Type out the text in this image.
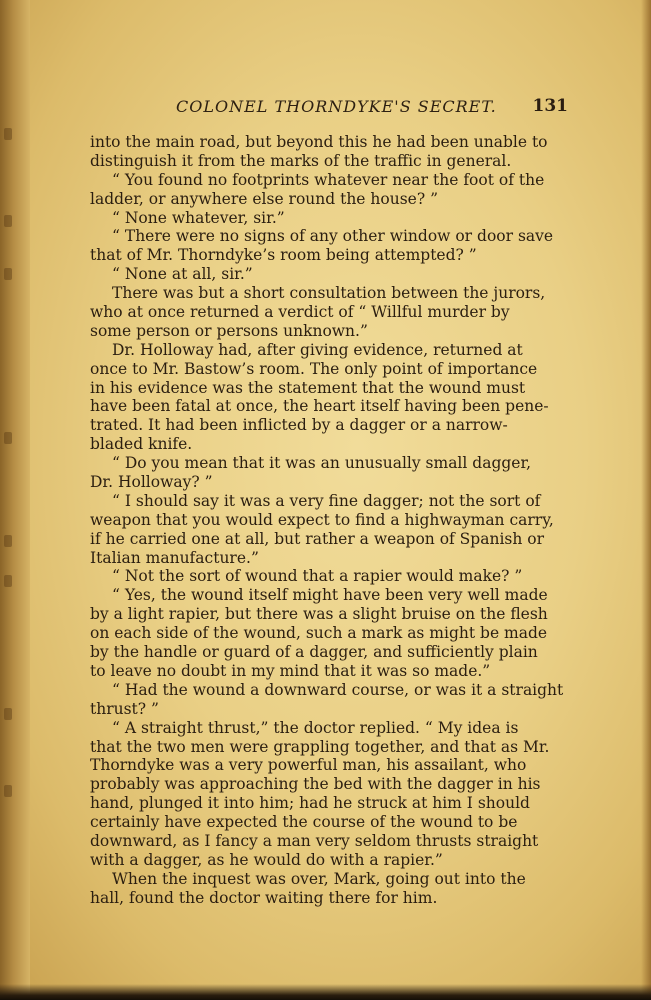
COLONEL THORNDYKE'S SECRET. 131
into the main road, but beyond this he had been unable to
distinguish it from the marks of the traffic in general.
“ You found no footprints whatever near the foot of the
ladder, or anywhere else round the house? ”
“ None whatever, sir.”
“ There were no signs of any other window or door save
that of Mr. Thorndyke’s room being attempted? ”
“ None at all, sir.”
There was but a short consultation between the jurors,
who at once returned a verdict of “ Willful murder by
some person or persons unknown.”
Dr. Holloway had, after giving evidence, returned at
once to Mr. Bastow’s room. The only point of importance
in his evidence was the statement that the wound must
have been fatal at once, the heart itself having been pene-
trated. It had been inflicted by a dagger or a narrow-
bladed knife.
“ Do you mean that it was an unusually small dagger,
Dr. Holloway? ”
“ I should say it was a very fine dagger; not the sort of
weapon that you would expect to find a highwayman carry,
if he carried one at all, but rather a weapon of Spanish or
Italian manufacture.”
“ Not the sort of wound that a rapier would make? ”
“ Yes, the wound itself might have been very well made
by a light rapier, but there was a slight bruise on the flesh
on each side of the wound, such a mark as might be made
by the handle or guard of a dagger, and sufficiently plain
to leave no doubt in my mind that it was so made.”
“ Had the wound a downward course, or was it a straight
thrust? ”
“ A straight thrust,” the doctor replied. “ My idea is
that the two men were grappling together, and that as Mr.
Thorndyke was a very powerful man, his assailant, who
probably was approaching the bed with the dagger in his
hand, plunged it into him; had he struck at him I should
certainly have expected the course of the wound to be
downward, as I fancy a man very seldom thrusts straight
with a dagger, as he would do with a rapier.”
When the inquest was over, Mark, going out into the
hall, found the doctor waiting there for him.
